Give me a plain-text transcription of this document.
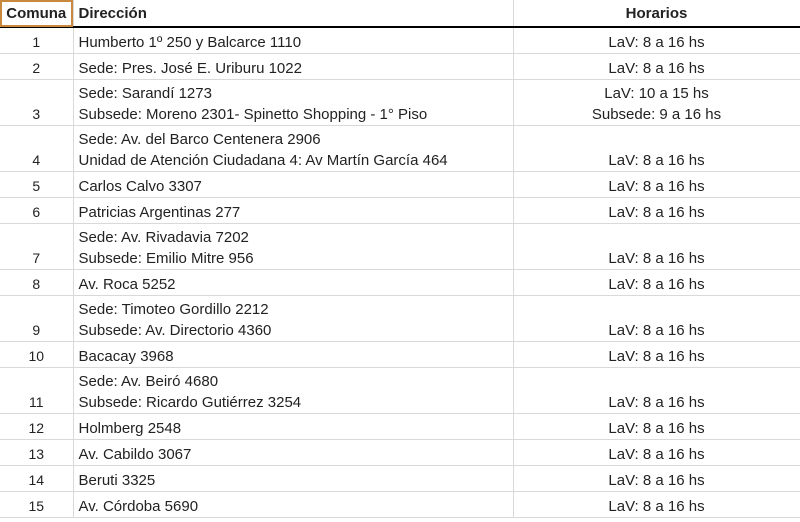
Comuna	Dirección	Horarios
1	Humberto 1º 250 y Balcarce 1110	LaV: 8 a 16 hs

2	Sede: Pres. José E. Uriburu 1022	LaV: 8 a 16 hs

3	Sede: Sarandí 1273
Subsede: Moreno 2301- Spinetto Shopping - 1° Piso	LaV: 10 a 15 hs
Subsede: 9 a 16 hs

4	Sede: Av. del Barco Centenera 2906
Unidad de Atención Ciudadana 4: Av Martín García 464	LaV: 8 a 16 hs

5	Carlos Calvo 3307	LaV: 8 a 16 hs

6	Patricias Argentinas 277	LaV: 8 a 16 hs

7	Sede: Av. Rivadavia 7202
Subsede: Emilio Mitre 956	LaV: 8 a 16 hs

8	Av. Roca 5252	LaV: 8 a 16 hs

9	Sede: Timoteo Gordillo 2212
Subsede: Av. Directorio 4360	LaV: 8 a 16 hs

10	Bacacay 3968	LaV: 8 a 16 hs

11	Sede: Av. Beiró 4680
Subsede: Ricardo Gutiérrez 3254	LaV: 8 a 16 hs

12	Holmberg 2548	LaV: 8 a 16 hs

13	Av. Cabildo 3067	LaV: 8 a 16 hs

14	Beruti 3325	LaV: 8 a 16 hs

15	Av. Córdoba 5690	LaV: 8 a 16 hs
